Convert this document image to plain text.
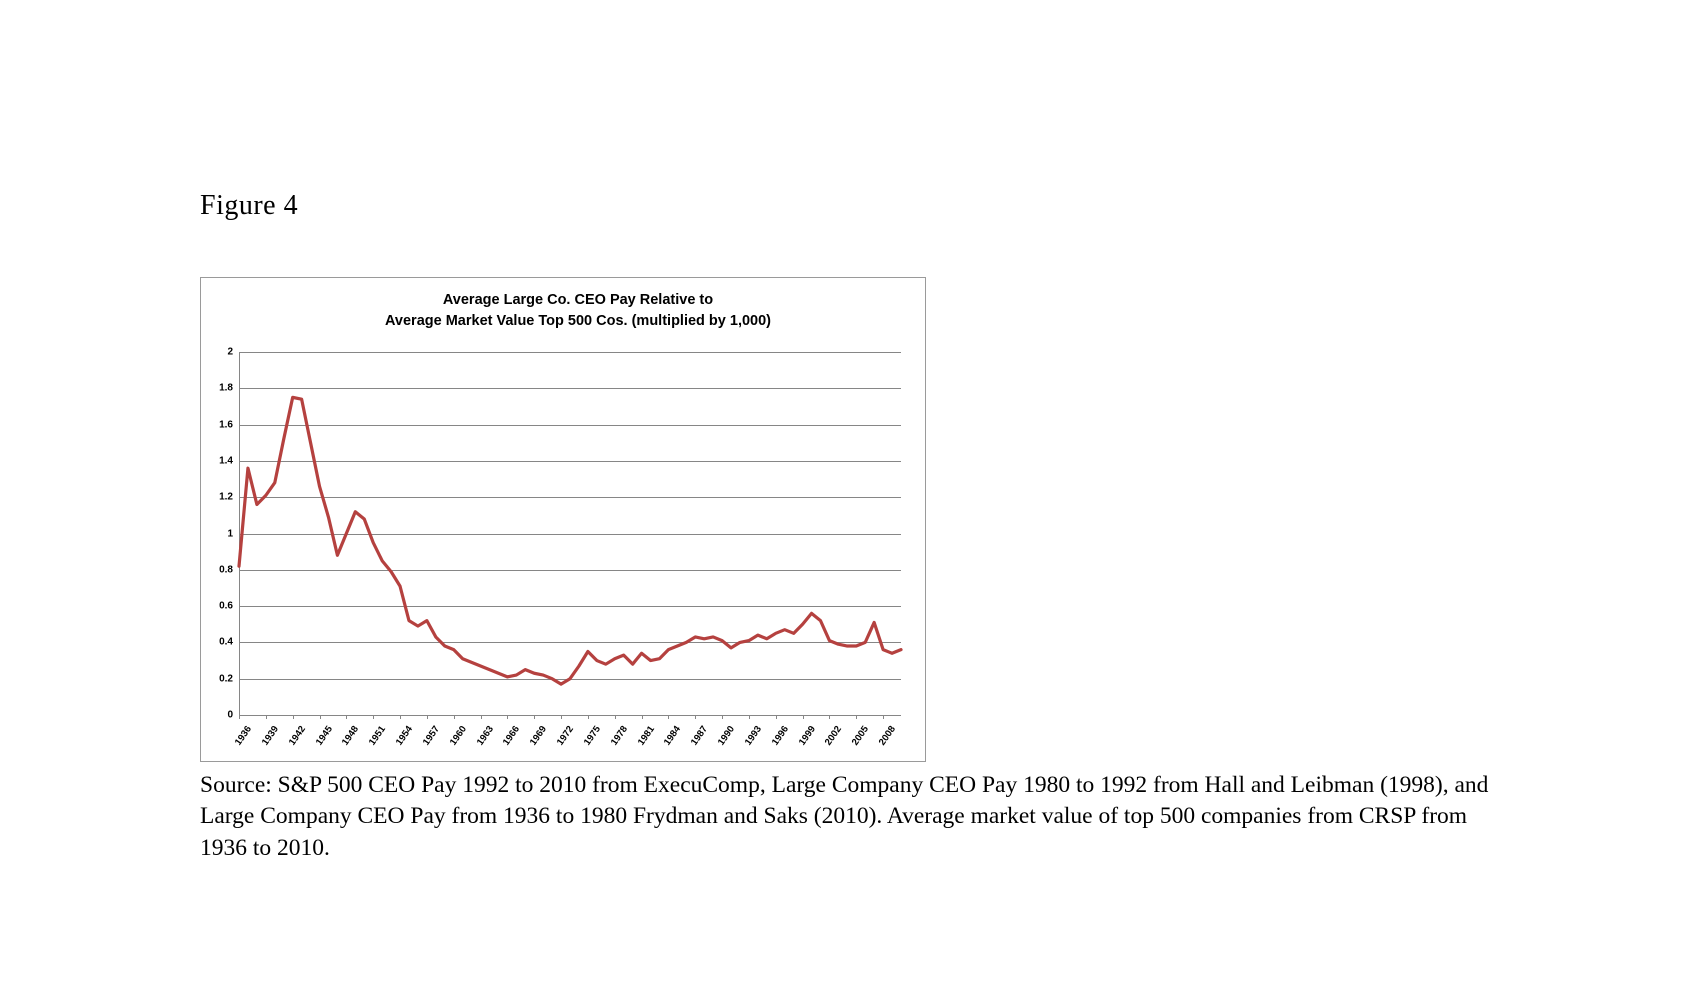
Figure 4
Average Large Co. CEO Pay Relative to
Average Market Value Top 500 Cos. (multiplied by 1,000)
0
0.2
0.4
0.6
0.8
1
1.2
1.4
1.6
1.8
2
1936 1939 1942 1945 1948 1951 1954 1957 1960 1963 1966 1969 1972 1975 1978 1981 1984 1987 1990 1993 1996 1999 2002 2005 2008
Source: S&P 500 CEO Pay 1992 to 2010 from ExecuComp, Large Company CEO Pay 1980 to 1992 from Hall and Leibman (1998), and Large Company CEO Pay from 1936 to 1980 Frydman and Saks (2010). Average market value of top 500 companies from CRSP from 1936 to 2010.
